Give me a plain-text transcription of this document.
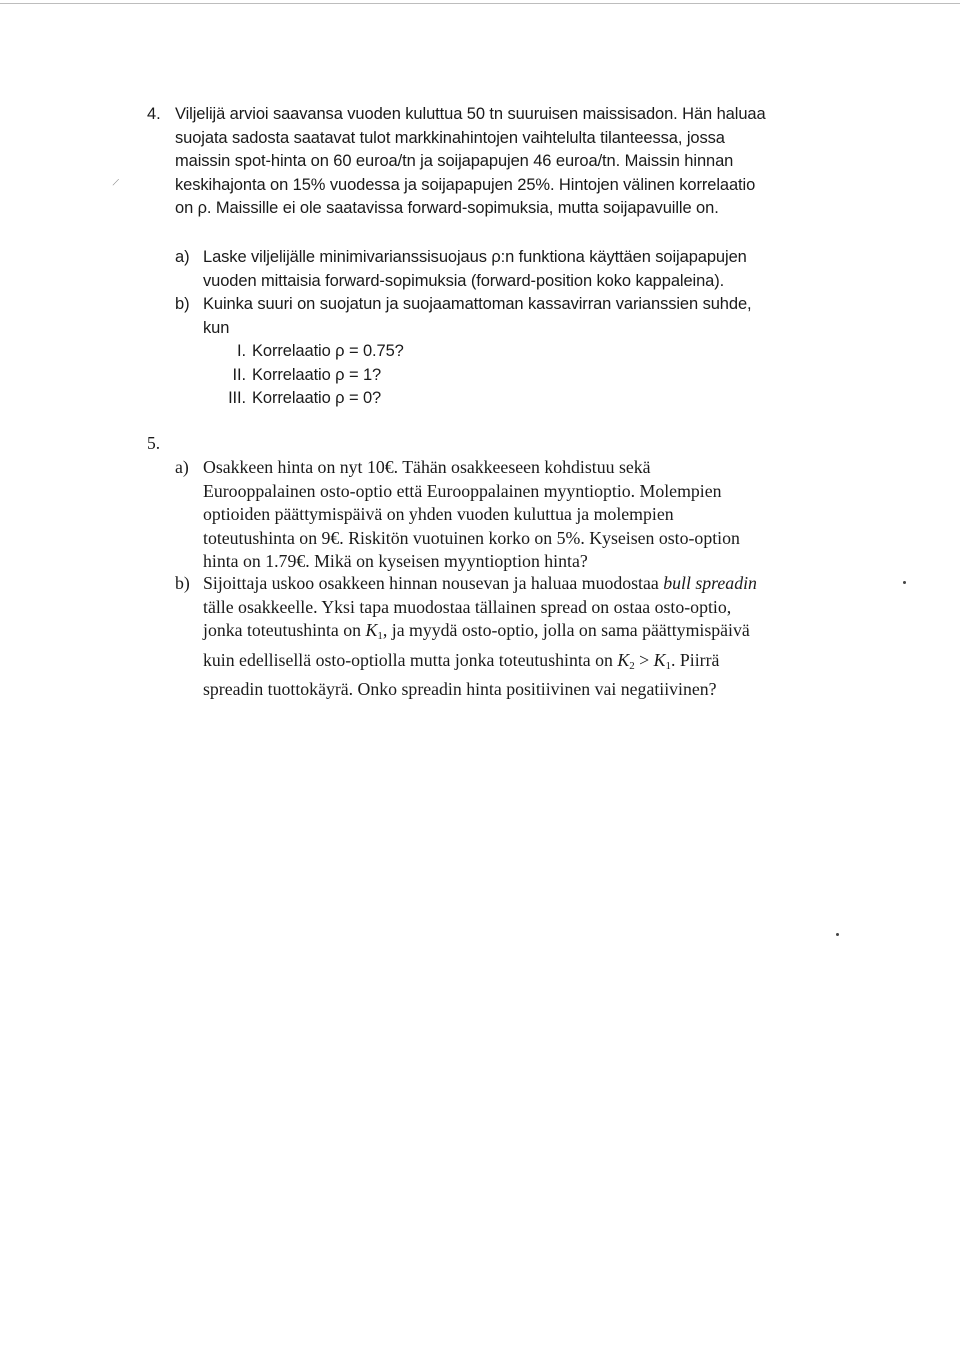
/
4. Viljelijä arvioi saavansa vuoden kuluttua 50 tn suuruisen maissisadon. Hän haluaa
suojata sadosta saatavat tulot markkinahintojen vaihtelulta tilanteessa, jossa
maissin spot-hinta on 60 euroa/tn ja soijapapujen 46 euroa/tn. Maissin hinnan
keskihajonta on 15% vuodessa ja soijapapujen 25%. Hintojen välinen korrelaatio
on ρ. Maissille ei ole saatavissa forward-sopimuksia, mutta soijapavuille on.
a) Laske viljelijälle minimivarianssisuojaus ρ:n funktiona käyttäen soijapapujen
vuoden mittaisia forward-sopimuksia (forward-position koko kappaleina).
b) Kuinka suuri on suojatun ja suojaamattoman kassavirran varianssien suhde,
kun
I. Korrelaatio ρ = 0.75?
II. Korrelaatio ρ = 1?
III. Korrelaatio ρ = 0?
5.
a) Osakkeen hinta on nyt 10€. Tähän osakkeeseen kohdistuu sekä
Eurooppalainen osto-optio että Eurooppalainen myyntioptio. Molempien
optioiden päättymispäivä on yhden vuoden kuluttua ja molempien
toteutushinta on 9€. Riskitön vuotuinen korko on 5%. Kyseisen osto-option
hinta on 1.79€. Mikä on kyseisen myyntioption hinta?
b) Sijoittaja uskoo osakkeen hinnan nousevan ja haluaa muodostaa bull spreadin
tälle osakkeelle. Yksi tapa muodostaa tällainen spread on ostaa osto-optio,
jonka toteutushinta on $K_1$, ja myydä osto-optio, jolla on sama päättymispäivä
kuin edellisellä osto-optiolla mutta jonka toteutushinta on $K_2 > K_1$. Piirrä
spreadin tuottokäyrä. Onko spreadin hinta positiivinen vai negatiivinen?
